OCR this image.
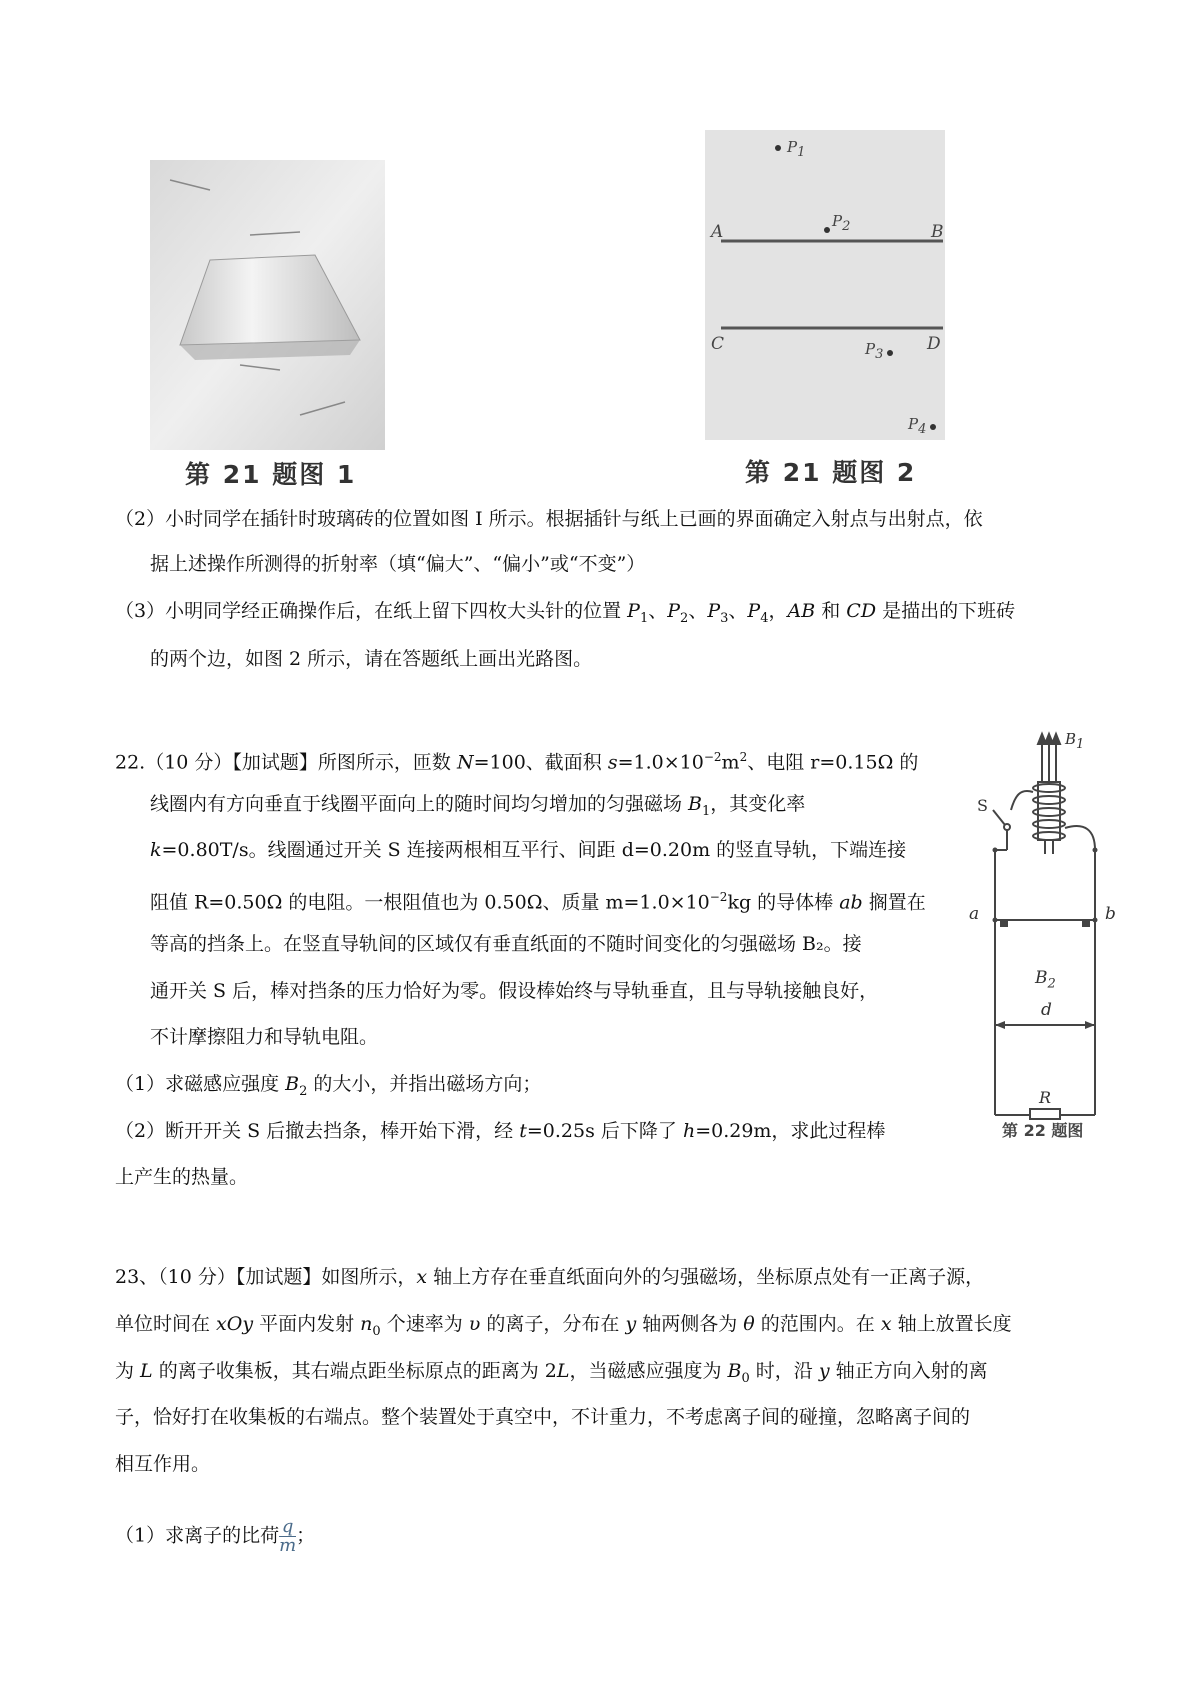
第 21 题图 1
$P_1$
$P_2$
$P_3$
$P_4$
A	B
C	D
第 21 题图 2
（2）小时同学在插针时玻璃砖的位置如图 I 所示。根据插针与纸上已画的界面确定入射点与出射点，依
据上述操作所测得的折射率（填“偏大”、“偏小”或“不变”）
（3）小明同学经正确操作后，在纸上留下四枚大头针的位置 $P_1$、$P_2$、$P_3$、$P_4$，AB 和 CD 是描出的下班砖
的两个边，如图 2 所示，请在答题纸上画出光路图。
22.（10 分）【加试题】所图所示，匝数 N=100、截面积 $s=1.0\times 10^{-2}m^2$、电阻 r=0.15Ω 的
线圈内有方向垂直于线圈平面向上的随时间均匀增加的匀强磁场 $B_1$，其变化率
k=0.80T/s。线圈通过开关 S 连接两根相互平行、间距 d=0.20m 的竖直导轨，下端连接
阻值 R=0.50Ω 的电阻。一根阻值也为 0.50Ω、质量 $m=1.0\times 10^{-2}kg$ 的导体棒 ab 搁置在
等高的挡条上。在竖直导轨间的区域仅有垂直纸面的不随时间变化的匀强磁场 B₂。接
通开关 S 后，棒对挡条的压力恰好为零。假设棒始终与导轨垂直，且与导轨接触良好，
不计摩擦阻力和导轨电阻。
（1）求磁感应强度 $B_2$ 的大小，并指出磁场方向；
（2）断开开关 S 后撤去挡条，棒开始下滑，经 t=0.25s 后下降了 h=0.29m，求此过程棒
上产生的热量。
$B_1$
S
a	b
$B_2$
d
R
第 22 题图
23、（10 分）【加试题】如图所示，x 轴上方存在垂直纸面向外的匀强磁场，坐标原点处有一正离子源，
单位时间在 xOy 平面内发射 $n_0$ 个速率为 υ 的离子，分布在 y 轴两侧各为 θ 的范围内。在 x 轴上放置长度
为 L 的离子收集板，其右端点距坐标原点的距离为 2L，当磁感应强度为 $B_0$ 时，沿 y 轴正方向入射的离
子，恰好打在收集板的右端点。整个装置处于真空中，不计重力，不考虑离子间的碰撞，忽略离子间的
相互作用。
（1）求离子的比荷 $\frac{q}{m}$ ；
